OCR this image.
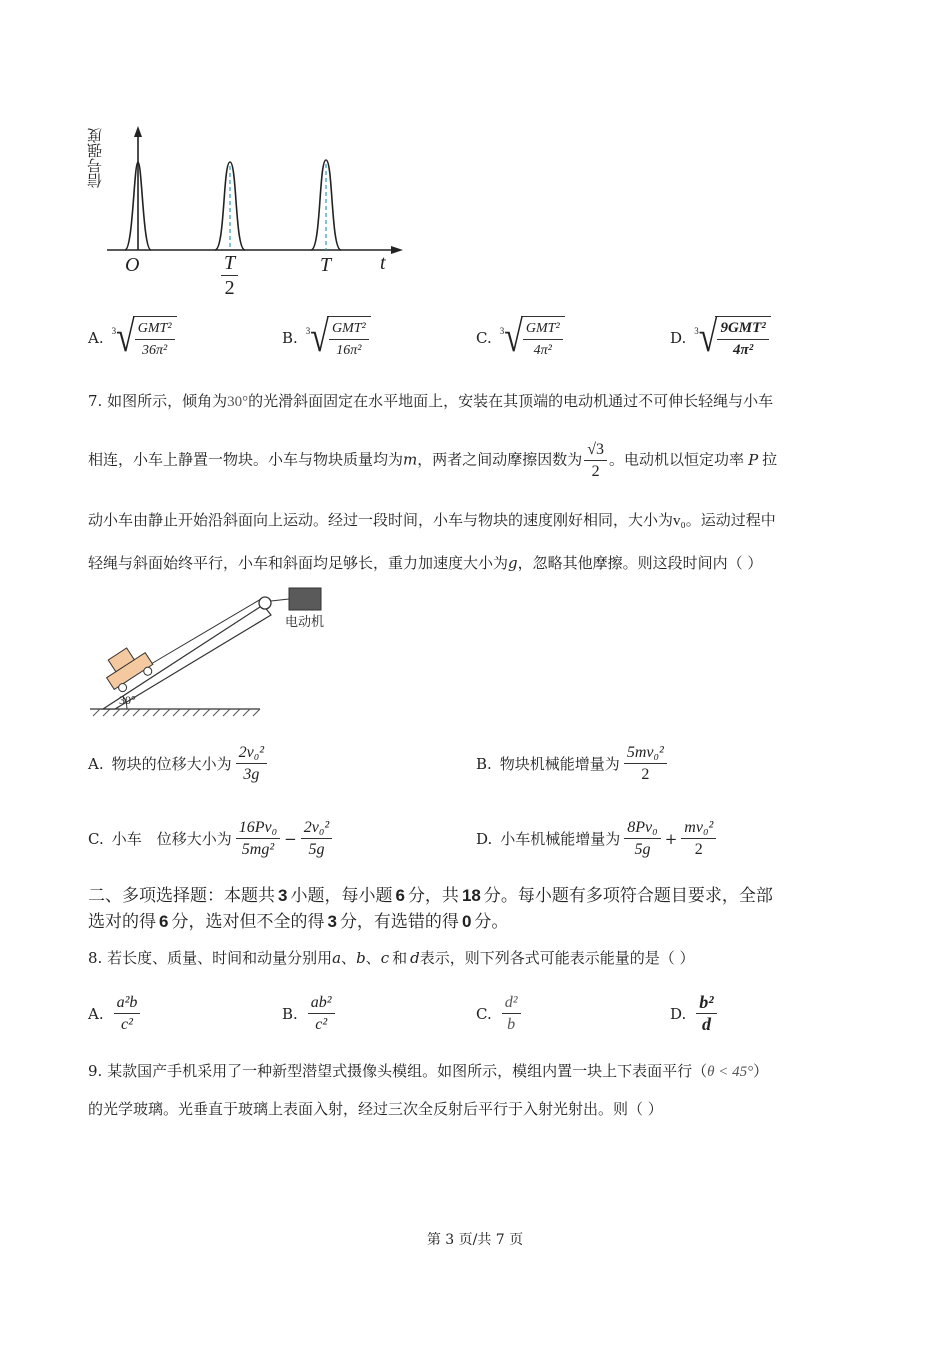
信号强度
O	$\frac{T}{2}$	T t
A. 3 √ $\frac{\text{GMT²}}{\text{36π²}}$	B. 3 √ $\frac{\text{GMT²}}{\text{16π²}}$	C. 3 √ $\frac{\text{GMT²}}{\text{4π²}}$	D. 3 √ $\frac{\text{9GMT²}}{\text{4π²}}$
7. 如图所示，倾角为30°的光滑斜面固定在水平地面上，安装在其顶端的电动机通过不可伸长轻绳与小车
相连，小车上静置一物块。小车与物块质量均为m，两者之间动摩擦因数为 $\frac{√3}{2}$ 。电动机以恒定功率 P 拉
动小车由静止开始沿斜面向上运动。经过一段时间，小车与物块的速度刚好相同，大小为v₀。运动过程中
轻绳与斜面始终平行，小车和斜面均足够长，重力加速度大小为g，忽略其他摩擦。则这段时间内（ ）
电动机
30°
A. 物块的位移大小为 $\frac{\text{2v₀²}}{3g}$	B. 物块机械能增量为 $\frac{\text{5mv₀²}}{2}$
C. 小车　位移大小为 $\frac{\text{16Pv₀}}{\text{5mg²}} - \frac{\text{2v₀²}}{5g}$	D. 小车机械能增量为 $\frac{\text{8Pv₀}}{5g} + \frac{\text{mv₀²}}{2}$
二、多项选择题：本题共 3 小题，每小题 6 分，共 18 分。每小题有多项符合题目要求，全部
选对的得 6 分，选对但不全的得 3 分，有选错的得 0 分。
8. 若长度、质量、时间和动量分别用a、b、c 和 d表示，则下列各式可能表示能量的是（ ）
A. $\frac{\text{a²b}}{\text{c²}}$	B. $\frac{\text{ab²}}{\text{c²}}$	C. $\frac{\text{d²}}{b}$	D. $\frac{\text{b²}}{d}$
9. 某款国产手机采用了一种新型潜望式摄像头模组。如图所示，模组内置一块上下表面平行（θ < 45°）
的光学玻璃。光垂直于玻璃上表面入射，经过三次全反射后平行于入射光射出。则（ ）
第 3 页/共 7 页
